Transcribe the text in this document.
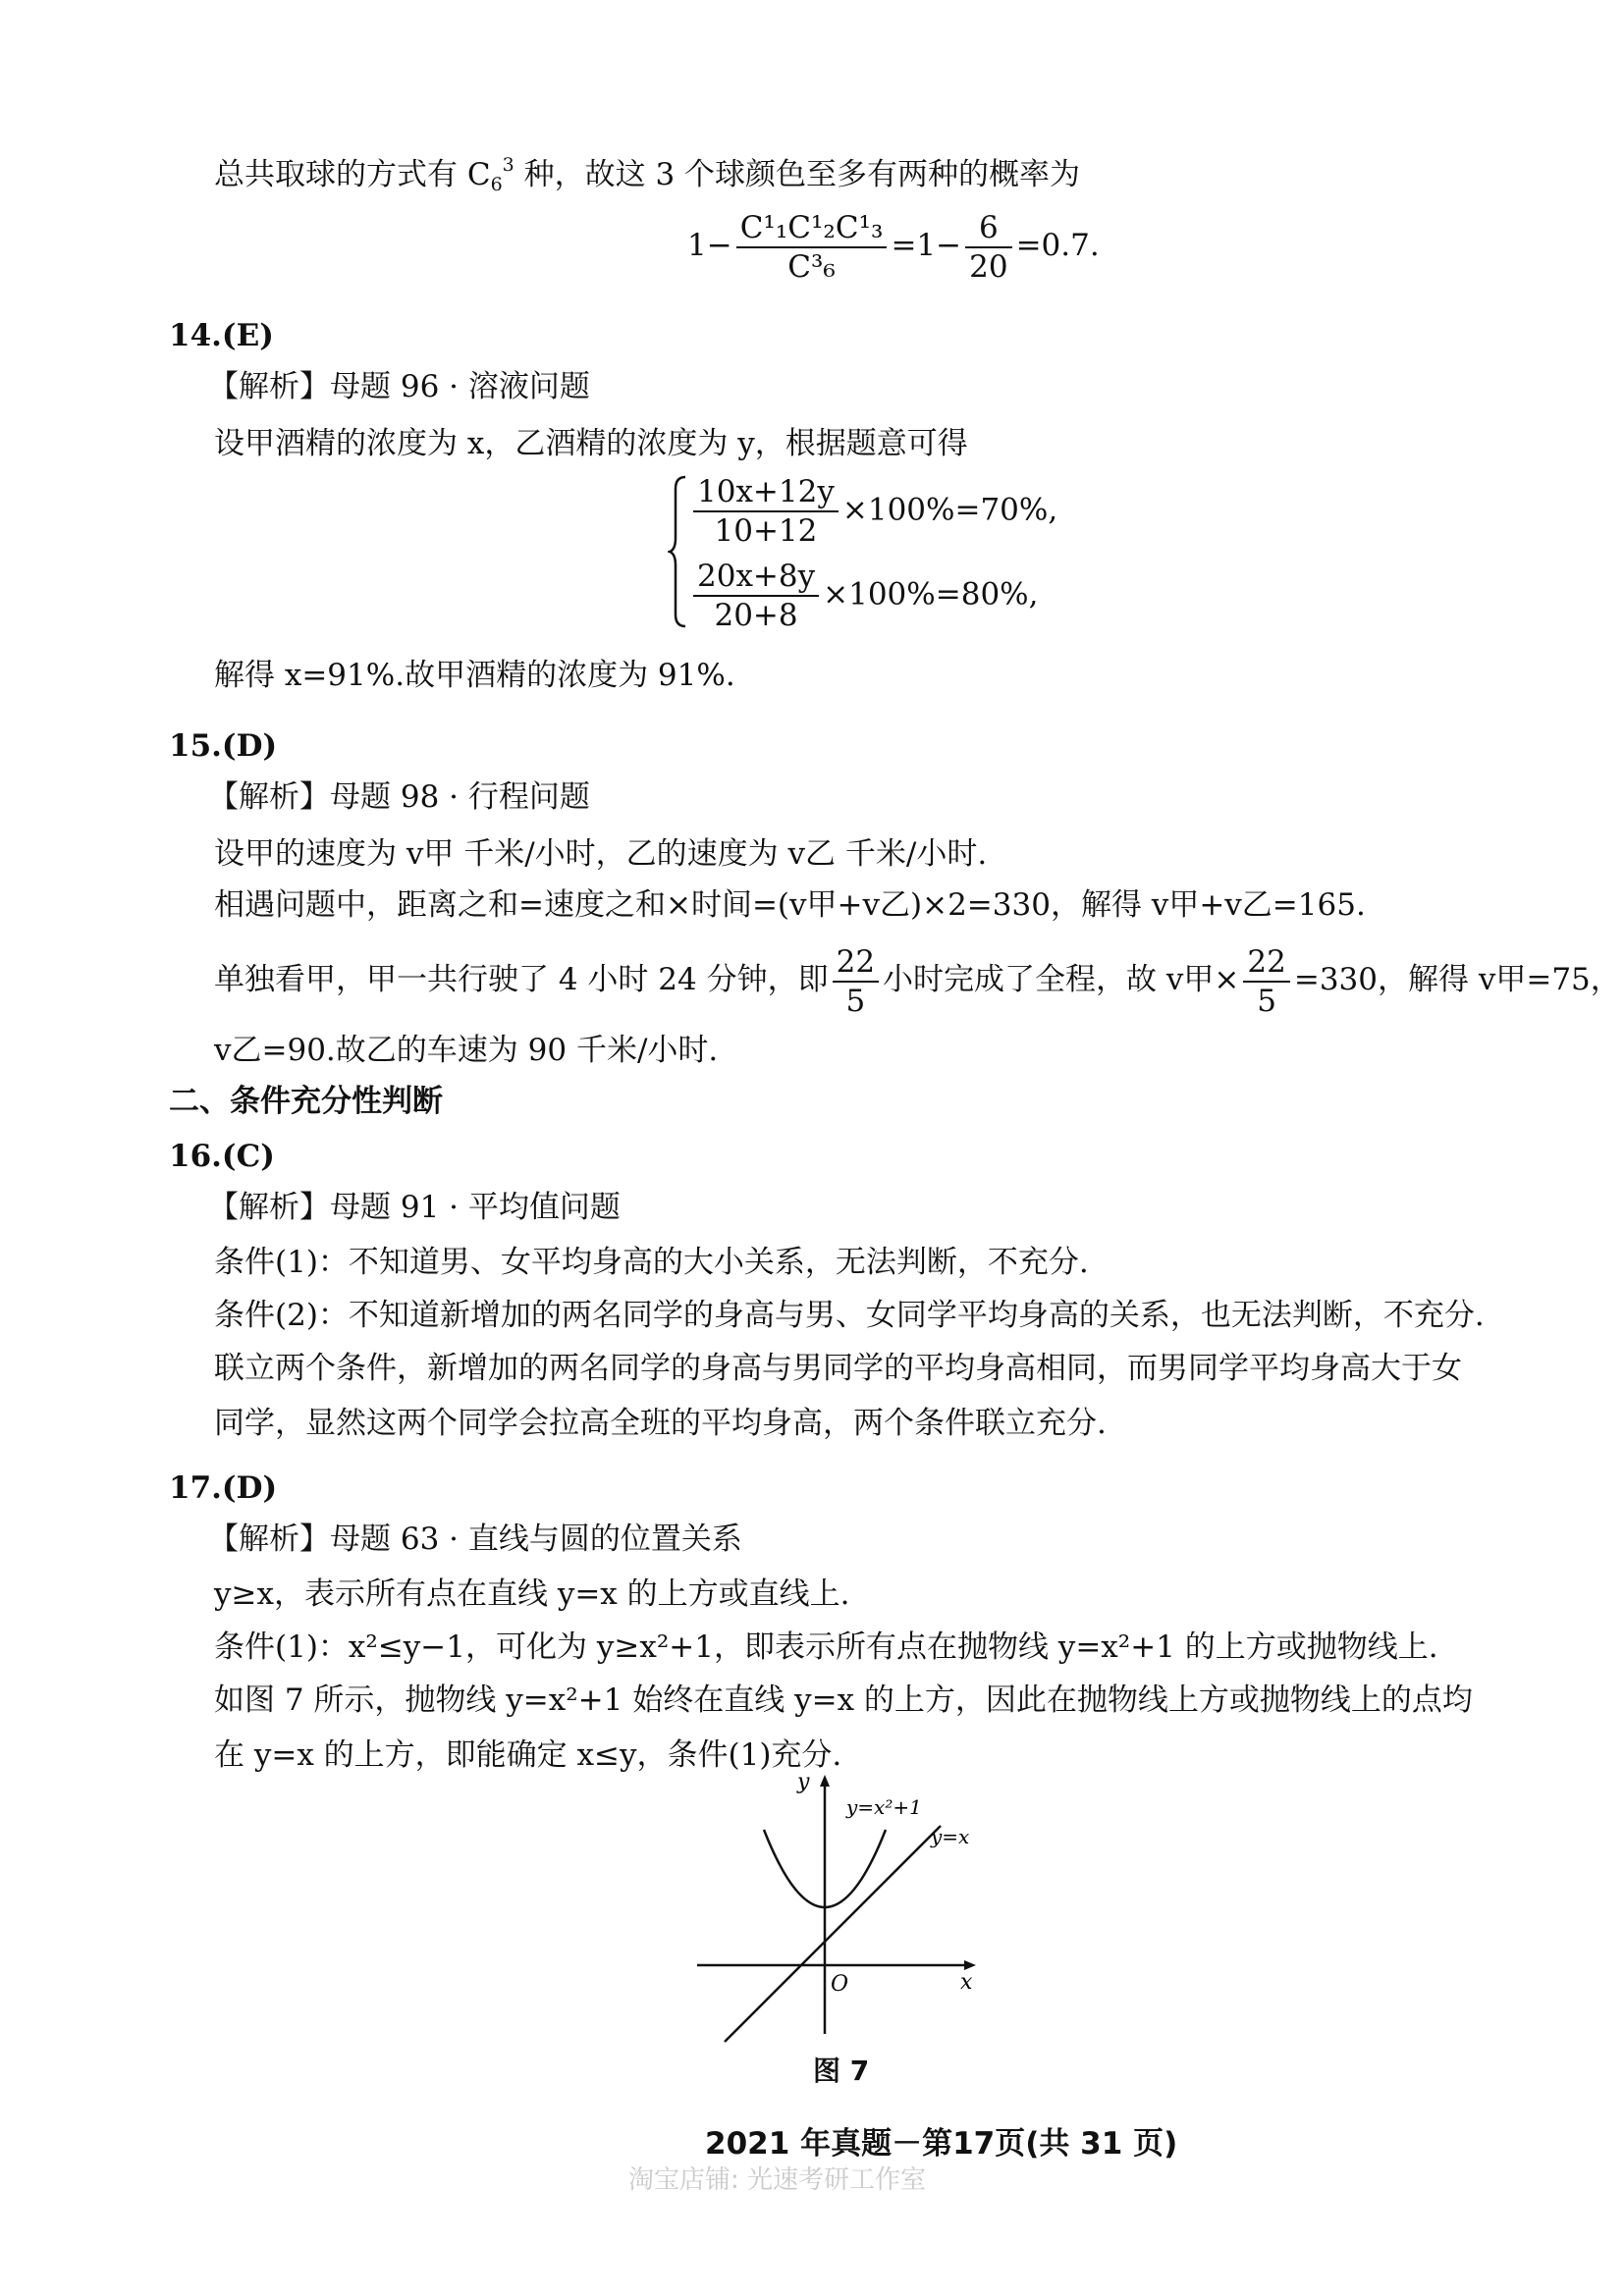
总共取球的方式有 $C_6^3$ 种，故这 3 个球颜色至多有两种的概率为
$1- \frac{\text{C¹₁C¹₂C¹₃}}{\text{C³₆}} =1- \frac{6}{20} =0.7$.
14.(E)
【解析】母题 96 · 溶液问题
设甲酒精的浓度为 x，乙酒精的浓度为 y，根据题意可得
$\frac{10x+12y}{10+12} \times 100\%=70\%$,
$\frac{20x+8y}{20+8} \times 100\%=80\%$,
解得 x=91%.故甲酒精的浓度为 91%.
15.(D)
【解析】母题 98 · 行程问题
设甲的速度为 v甲 千米/小时，乙的速度为 v乙 千米/小时.
相遇问题中，距离之和=速度之和×时间=(v甲+v乙)×2=330，解得 v甲+v乙=165.
单独看甲，甲一共行驶了 4 小时 24 分钟，即 $\frac{22}{5}$ 小时完成了全程，故 v甲× $\frac{22}{5} =330$，解得 v甲=75，
v乙=90.故乙的车速为 90 千米/小时.
二、条件充分性判断
16.(C)
【解析】母题 91 · 平均值问题
条件(1)：不知道男、女平均身高的大小关系，无法判断，不充分.
条件(2)：不知道新增加的两名同学的身高与男、女同学平均身高的关系，也无法判断，不充分.
联立两个条件，新增加的两名同学的身高与男同学的平均身高相同，而男同学平均身高大于女
同学，显然这两个同学会拉高全班的平均身高，两个条件联立充分.
17.(D)
【解析】母题 63 · 直线与圆的位置关系
y≥x，表示所有点在直线 y=x 的上方或直线上.
条件(1)：x²≤y−1，可化为 y≥x²+1，即表示所有点在抛物线 y=x²+1 的上方或抛物线上.
如图 7 所示，抛物线 y=x²+1 始终在直线 y=x 的上方，因此在抛物线上方或抛物线上的点均
在 y=x 的上方，即能确定 x≤y，条件(1)充分.
y
x
O
y=x²+1
y=x
图 7
2021 年真题－第17页(共 31 页)
淘宝店铺: 光速考研工作室
